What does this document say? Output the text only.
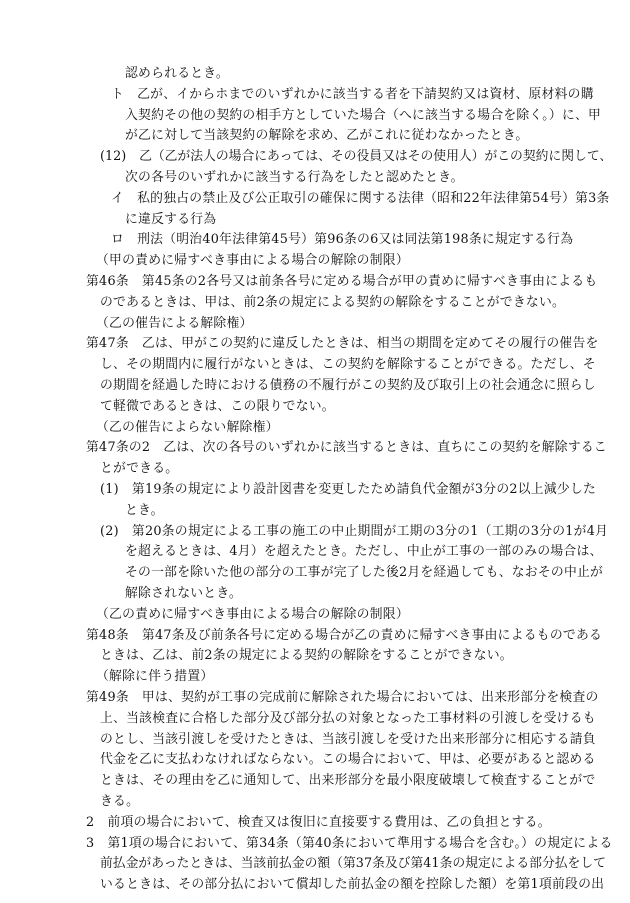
認められるとき。

ト　乙が、イからホまでのいずれかに該当する者を下請契約又は資材、原材料の購

入契約その他の契約の相手方としていた場合（へに該当する場合を除く。）に、甲

が乙に対して当該契約の解除を求め、乙がこれに従わなかったとき。

(12)　乙（乙が法人の場合にあっては、その役員又はその使用人）がこの契約に関して、

次の各号のいずれかに該当する行為をしたと認めたとき。

イ　私的独占の禁止及び公正取引の確保に関する法律（昭和22年法律第54号）第3条

に違反する行為

ロ　刑法（明治40年法律第45号）第96条の6又は同法第198条に規定する行為

（甲の責めに帰すべき事由による場合の解除の制限）

第46条　第45条の2各号又は前条各号に定める場合が甲の責めに帰すべき事由によるも

のであるときは、甲は、前2条の規定による契約の解除をすることができない。

（乙の催告による解除権）

第47条　乙は、甲がこの契約に違反したときは、相当の期間を定めてその履行の催告を

し、その期間内に履行がないときは、この契約を解除することができる。ただし、そ

の期間を経過した時における債務の不履行がこの契約及び取引上の社会通念に照らし

て軽微であるときは、この限りでない。

（乙の催告によらない解除権）

第47条の2　乙は、次の各号のいずれかに該当するときは、直ちにこの契約を解除するこ

とができる。

(1)　第19条の規定により設計図書を変更したため請負代金額が3分の2以上減少した

とき。

(2)　第20条の規定による工事の施工の中止期間が工期の3分の1（工期の3分の1が4月

を超えるときは、4月）を超えたとき。ただし、中止が工事の一部のみの場合は、

その一部を除いた他の部分の工事が完了した後2月を経過しても、なおその中止が

解除されないとき。

（乙の責めに帰すべき事由による場合の解除の制限）

第48条　第47条及び前条各号に定める場合が乙の責めに帰すべき事由によるものである

ときは、乙は、前2条の規定による契約の解除をすることができない。

（解除に伴う措置）

第49条　甲は、契約が工事の完成前に解除された場合においては、出来形部分を検査の

上、当該検査に合格した部分及び部分払の対象となった工事材料の引渡しを受けるも

のとし、当該引渡しを受けたときは、当該引渡しを受けた出来形部分に相応する請負

代金を乙に支払わなければならない。この場合において、甲は、必要があると認める

ときは、その理由を乙に通知して、出来形部分を最小限度破壊して検査することがで

きる。

2　前項の場合において、検査又は復旧に直接要する費用は、乙の負担とする。

3　第1項の場合において、第34条（第40条において準用する場合を含む。）の規定による

前払金があったときは、当該前払金の額（第37条及び第41条の規定による部分払をして

いるときは、その部分払において償却した前払金の額を控除した額）を第1項前段の出
